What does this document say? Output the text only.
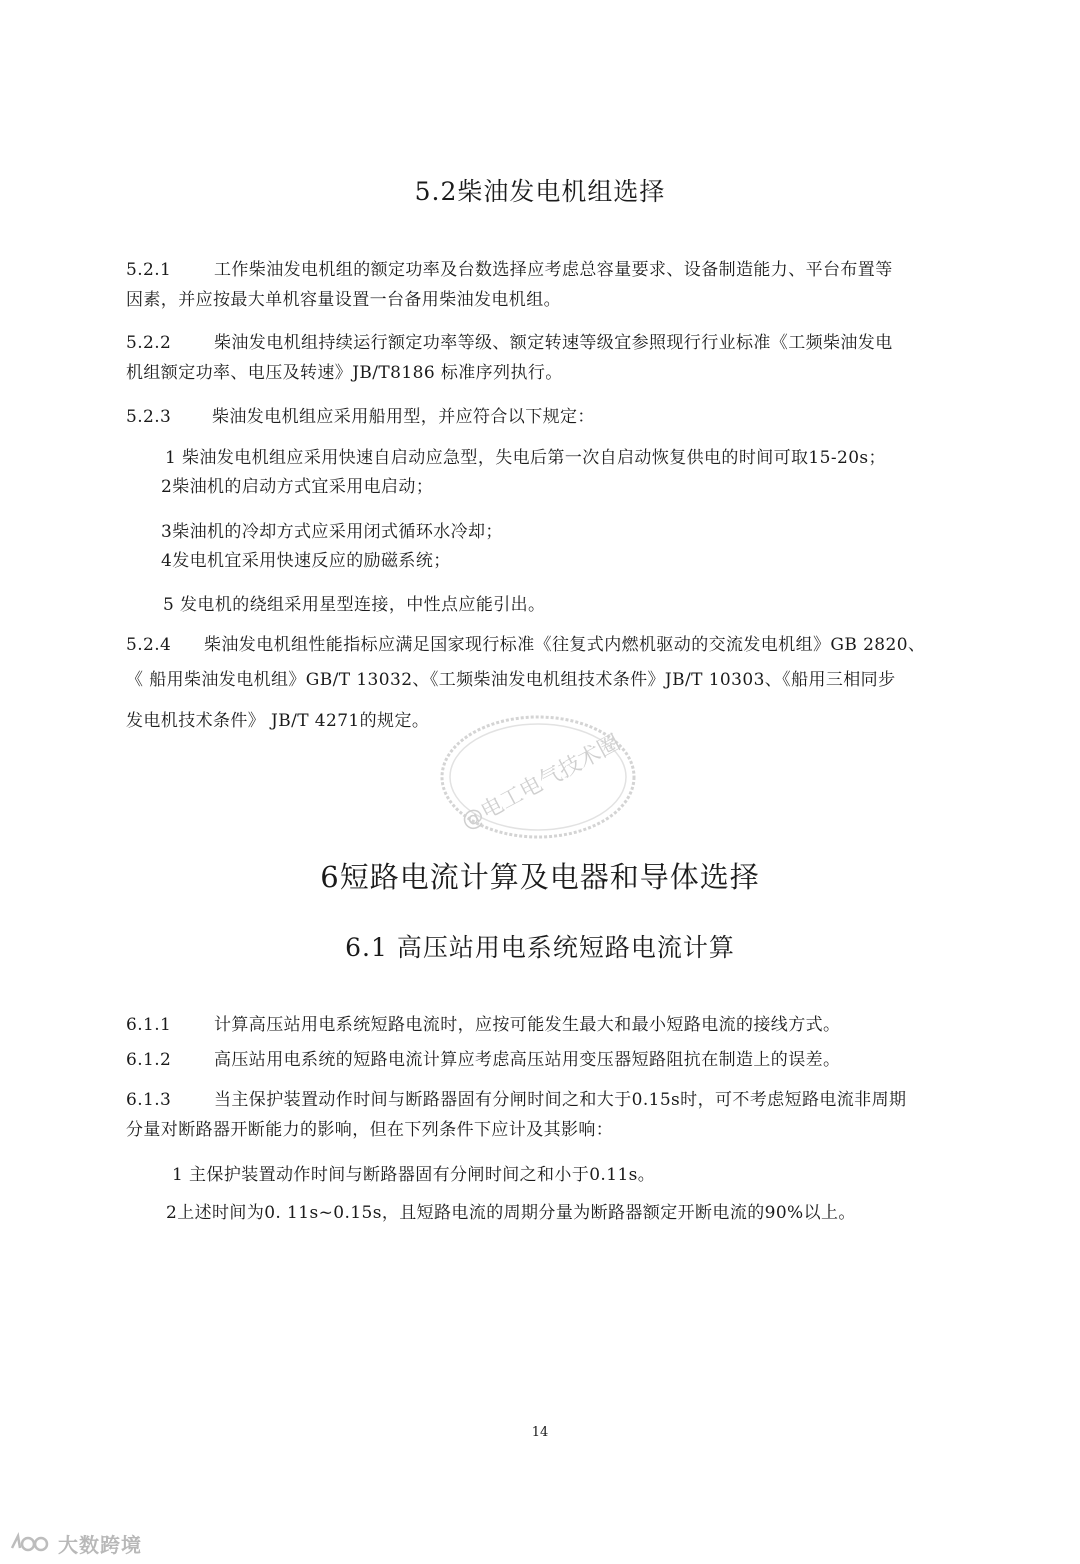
5.2柴油发电机组选择
5.2.1	工作柴油发电机组的额定功率及台数选择应考虑总容量要求、设备制造能力、平台布置等
因素，并应按最大单机容量设置一台备用柴油发电机组。
5.2.2	柴油发电机组持续运行额定功率等级、额定转速等级宜参照现行行业标准《工频柴油发电
机组额定功率、电压及转速》JB/T8186 标准序列执行。
5.2.3 柴油发电机组应采用船用型，并应符合以下规定：
1 柴油发电机组应采用快速自启动应急型，失电后第一次自启动恢复供电的时间可取15-20s；
2柴油机的启动方式宜采用电启动；
3柴油机的冷却方式应采用闭式循环水冷却；
4发电机宜采用快速反应的励磁系统；
5 发电机的绕组采用星型连接，中性点应能引出。
5.2.4 柴油发电机组性能指标应满足国家现行标准《往复式内燃机驱动的交流发电机组》GB 2820、
《 船用柴油发电机组》GB/T 13032、《工频柴油发电机组技术条件》JB/T 10303、《船用三相同步
发电机技术条件》 JB/T 4271的规定。
@电工电气技术圈
6短路电流计算及电器和导体选择
6.1 高压站用电系统短路电流计算
6.1.1	计算高压站用电系统短路电流时，应按可能发生最大和最小短路电流的接线方式。
6.1.2	高压站用电系统的短路电流计算应考虑高压站用变压器短路阻抗在制造上的误差。
6.1.3	当主保护装置动作时间与断路器固有分闸时间之和大于0.15s时，可不考虑短路电流非周期
分量对断路器开断能力的影响，但在下列条件下应计及其影响：
1 主保护装置动作时间与断路器固有分闸时间之和小于0.11s。
2上述时间为0. 11s~0.15s，且短路电流的周期分量为断路器额定开断电流的90%以上。
14
大数跨境
